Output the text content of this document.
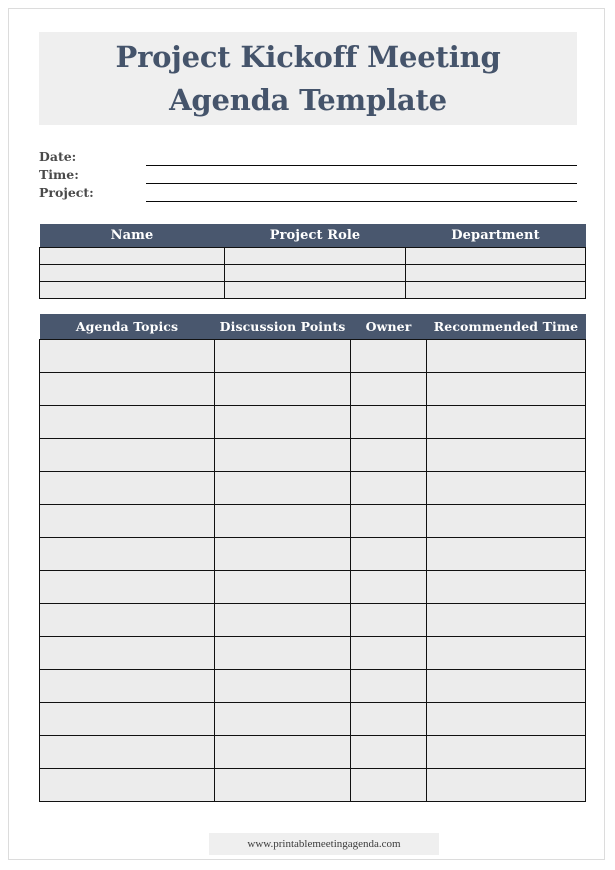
Project Kickoff Meeting Agenda Template
Date:
Time:
Project:
Name	Project Role	Department

Agenda Topics	Discussion Points	Owner	Recommended Time

www.printablemeetingagenda.com
